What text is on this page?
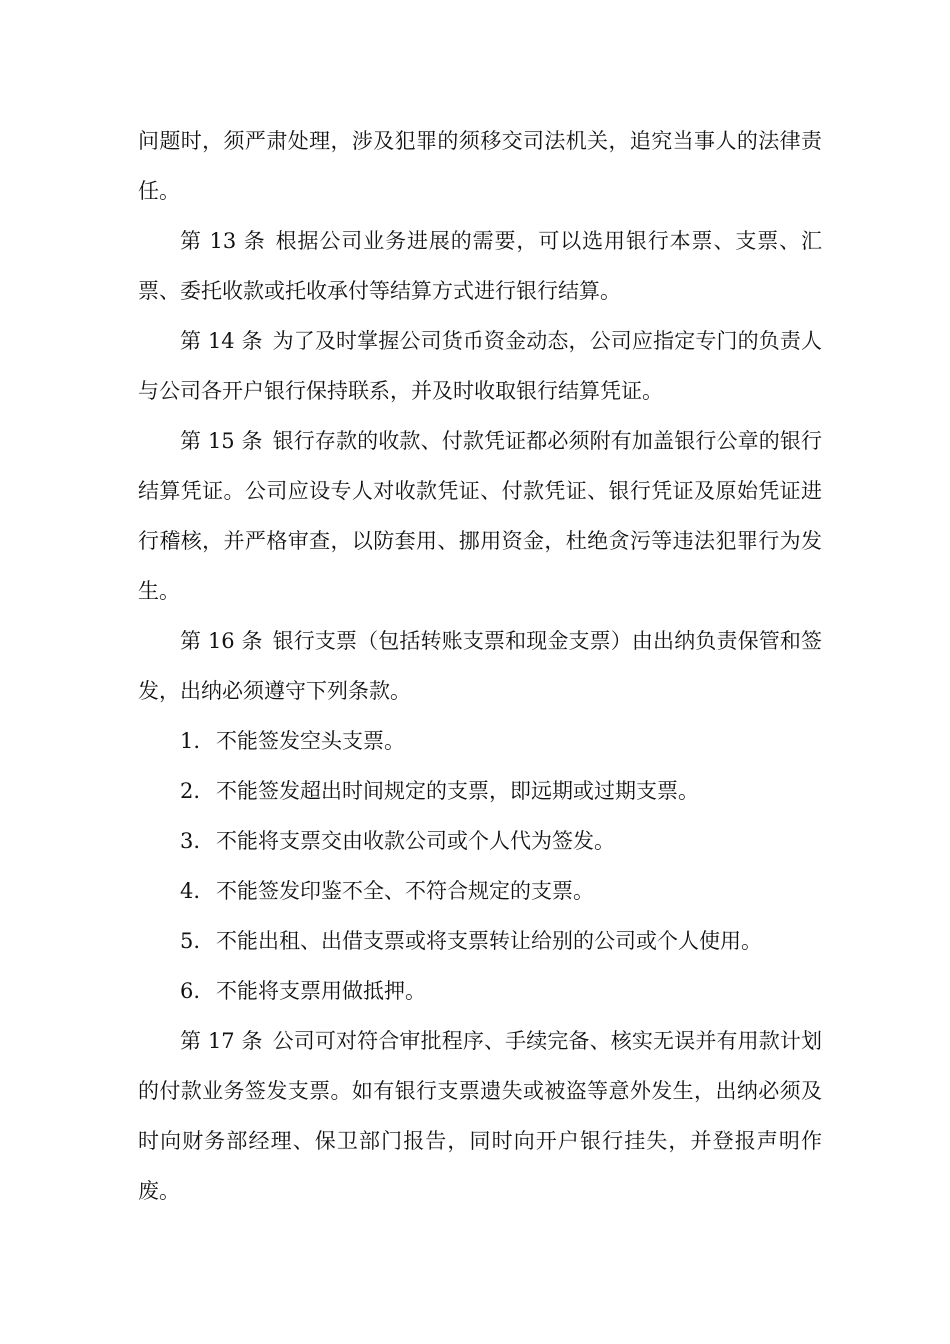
问题时，须严肃处理，涉及犯罪的须移交司法机关，追究当事人的法律责任。

第 13 条 根据公司业务进展的需要，可以选用银行本票、支票、汇票、委托收款或托收承付等结算方式进行银行结算。

第 14 条 为了及时掌握公司货币资金动态，公司应指定专门的负责人与公司各开户银行保持联系，并及时收取银行结算凭证。

第 15 条 银行存款的收款、付款凭证都必须附有加盖银行公章的银行结算凭证。公司应设专人对收款凭证、付款凭证、银行凭证及原始凭证进行稽核，并严格审查，以防套用、挪用资金，杜绝贪污等违法犯罪行为发生。

第 16 条 银行支票（包括转账支票和现金支票）由出纳负责保管和签发，出纳必须遵守下列条款。

1. 不能签发空头支票。

2. 不能签发超出时间规定的支票，即远期或过期支票。

3. 不能将支票交由收款公司或个人代为签发。

4. 不能签发印鉴不全、不符合规定的支票。

5. 不能出租、出借支票或将支票转让给别的公司或个人使用。

6. 不能将支票用做抵押。

第 17 条 公司可对符合审批程序、手续完备、核实无误并有用款计划的付款业务签发支票。如有银行支票遗失或被盗等意外发生，出纳必须及时向财务部经理、保卫部门报告，同时向开户银行挂失，并登报声明作废。
